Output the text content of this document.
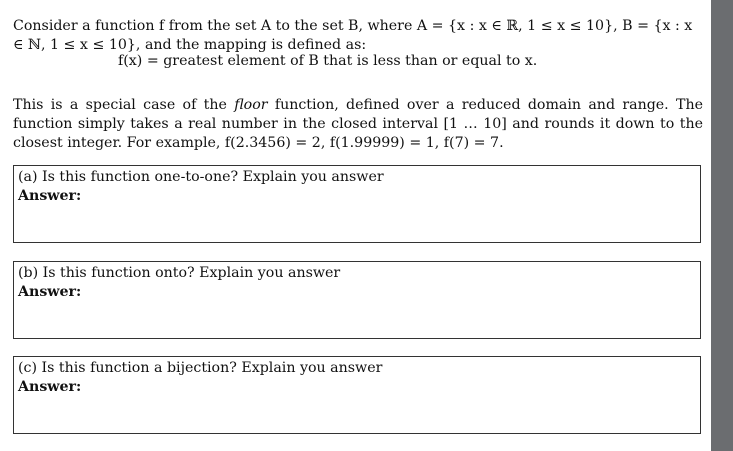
Consider a function f from the set A to the set B, where A = {x : x ∈ ℝ, 1 ≤ x ≤ 10}, B = {x : x ∈ ℕ, 1 ≤ x ≤ 10}, and the mapping is defined as:

f(x) = greatest element of B that is less than or equal to x.

This is a special case of the floor function, defined over a reduced domain and range. The function simply takes a real number in the closed interval [1 … 10] and rounds it down to the closest integer. For example, f(2.3456) = 2, f(1.99999) = 1, f(7) = 7.

(a) Is this function one-to-one? Explain you answer
Answer:
(b) Is this function onto? Explain you answer
Answer:
(c) Is this function a bijection? Explain you answer
Answer:
